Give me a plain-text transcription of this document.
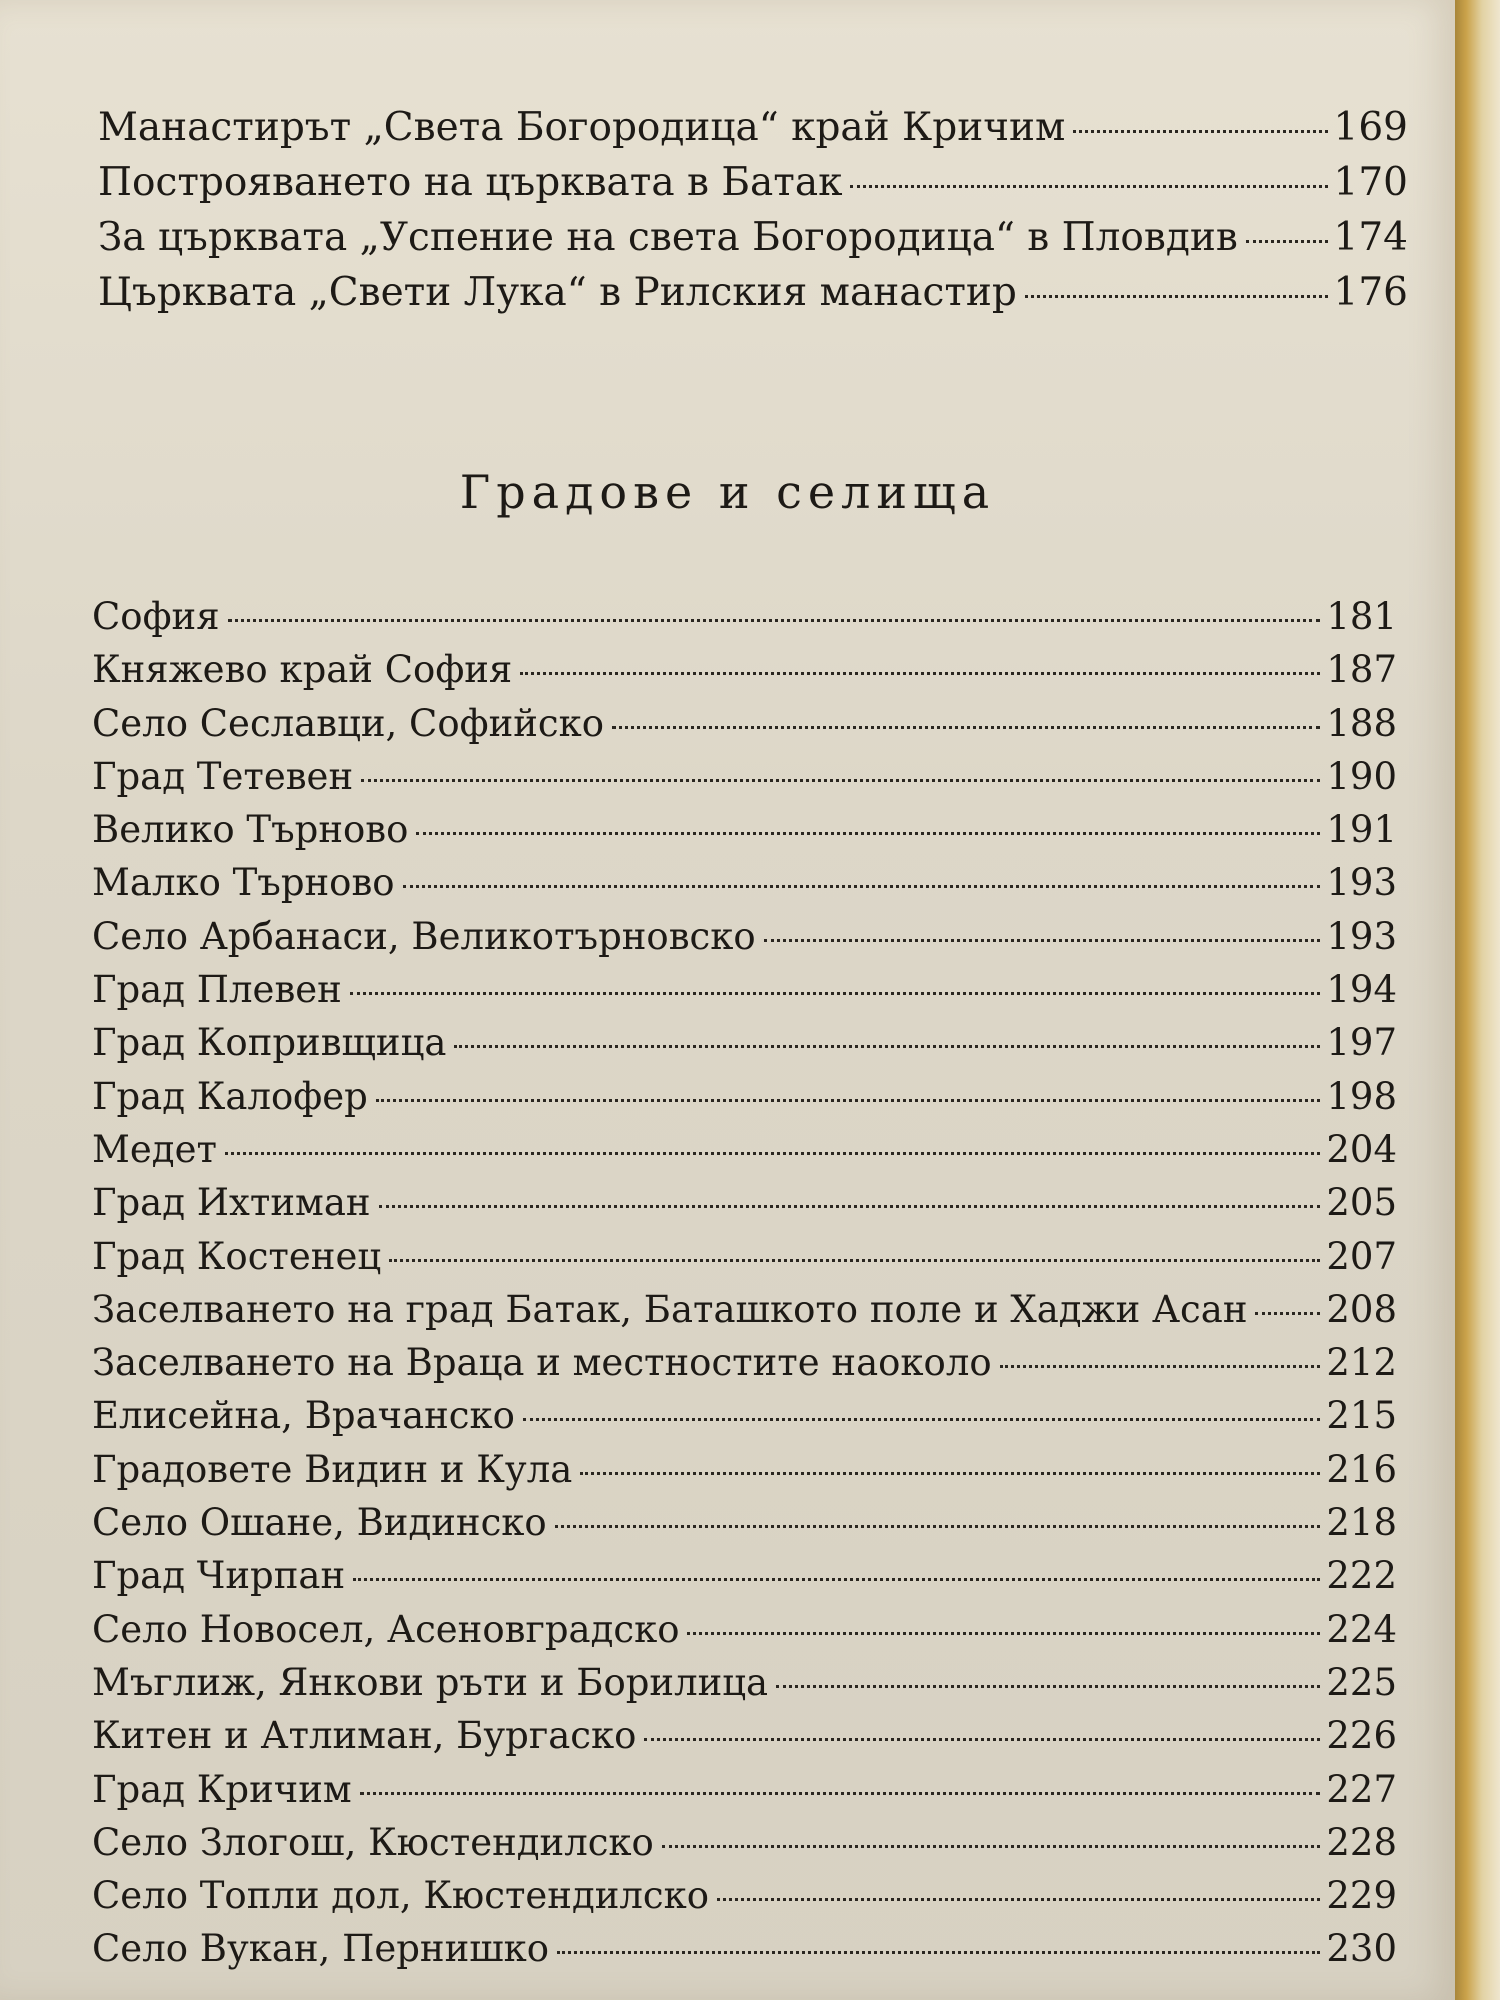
Манастирът „Света Богородица“ край Кричим	169
Построяването на църквата в Батак	170
За църквата „Успение на света Богородица“ в Пловдив 174
Църквата „Свети Лука“ в Рилския манастир	176
Градове и селища
София	181
Княжево край София	187
Село Сеславци, Софийско	188
Град Тетевен	190
Велико Търново	191
Малко Търново	193
Село Арбанаси, Великотърновско	193
Град Плевен	194
Град Копривщица	197
Град Калофер	198
Медет	204
Град Ихтиман	205
Град Костенец	207
Заселването на град Батак, Баташкото поле и Хаджи Асан 208
Заселването на Враца и местностите наоколо	212
Елисейна, Врачанско	215
Градовете Видин и Кула	216
Село Ошане, Видинско	218
Град Чирпан	222
Село Новосел, Асеновградско	224
Мъглиж, Янкови ръти и Борилица	225
Китен и Атлиман, Бургаско	226
Град Кричим	227
Село Злогош, Кюстендилско	228
Село Топли дол, Кюстендилско	229
Село Вукан, Пернишко	230
